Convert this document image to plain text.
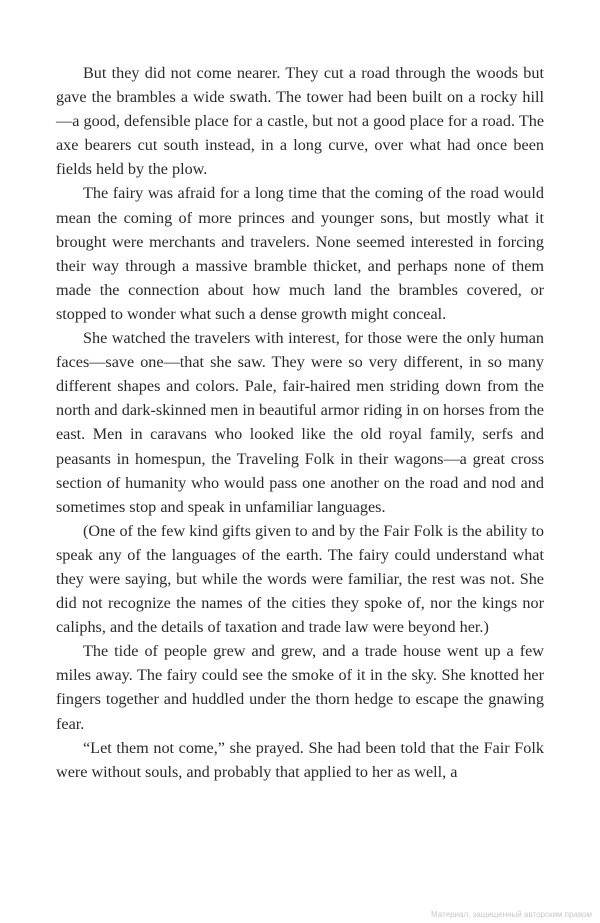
But they did not come nearer. They cut a road through the woods but gave the brambles a wide swath. The tower had been built on a rocky hill—a good, defensible place for a castle, but not a good place for a road. The axe bearers cut south instead, in a long curve, over what had once been fields held by the plow.

The fairy was afraid for a long time that the coming of the road would mean the coming of more princes and younger sons, but mostly what it brought were merchants and travelers. None seemed interested in forcing their way through a massive bramble thicket, and perhaps none of them made the connection about how much land the brambles covered, or stopped to wonder what such a dense growth might conceal.

She watched the travelers with interest, for those were the only human faces—save one—that she saw. They were so very different, in so many different shapes and colors. Pale, fair-haired men striding down from the north and dark-skinned men in beautiful armor riding in on horses from the east. Men in caravans who looked like the old royal family, serfs and peasants in homespun, the Traveling Folk in their wagons—a great cross section of humanity who would pass one another on the road and nod and sometimes stop and speak in unfamiliar languages.

(One of the few kind gifts given to and by the Fair Folk is the ability to speak any of the languages of the earth. The fairy could understand what they were saying, but while the words were familiar, the rest was not. She did not recognize the names of the cities they spoke of, nor the kings nor caliphs, and the details of taxation and trade law were beyond her.)

The tide of people grew and grew, and a trade house went up a few miles away. The fairy could see the smoke of it in the sky. She knotted her fingers together and huddled under the thorn hedge to escape the gnawing fear.

“Let them not come,” she prayed. She had been told that the Fair Folk were without souls, and probably that applied to her as well, a

Материал, защищенный авторским правом
